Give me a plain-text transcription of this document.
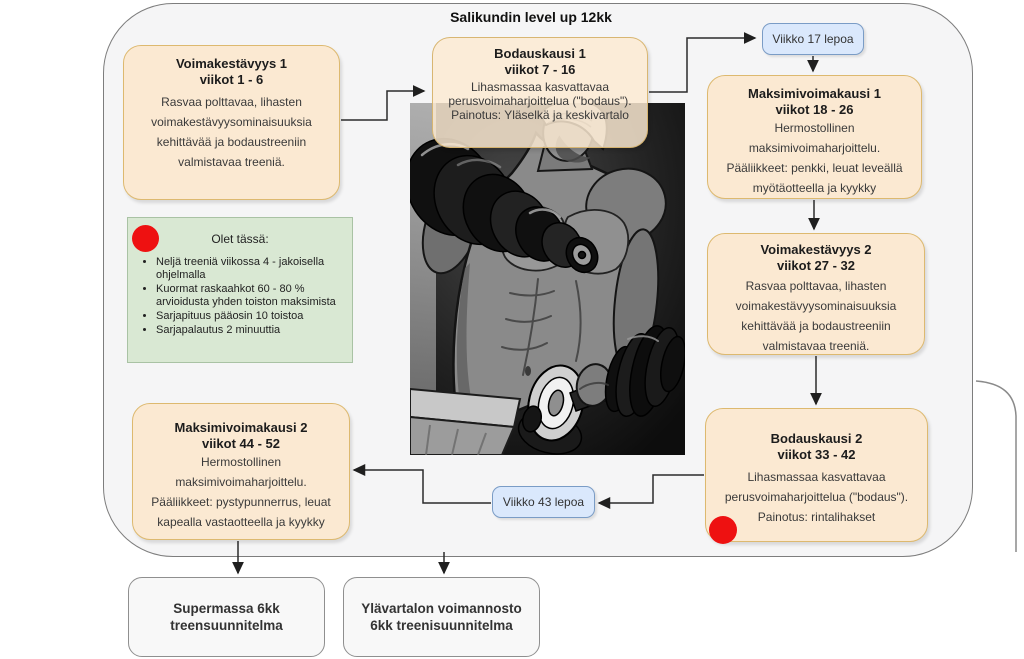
Salikundin level up 12kk
Voimakestävyys 1
viikot 1 - 6
Rasvaa polttavaa, lihasten
voimakestävyysominaisuuksia
kehittävää ja bodaustreeniin
valmistavaa treeniä.
Bodauskausi 1
viikot 7 - 16
Lihasmassaa kasvattavaa
perusvoimaharjoittelua ("bodaus").
Painotus: Yläselkä ja keskivartalo
Viikko 17 lepoa
Maksimivoimakausi 1
viikot 18 - 26
Hermostollinen
maksimivoimaharjoittelu.
Pääliikkeet: penkki, leuat leveällä
myötäotteella ja kyykky
Voimakestävyys 2
viikot 27 - 32
Rasvaa polttavaa, lihasten
voimakestävyysominaisuuksia
kehittävää ja bodaustreeniin
valmistavaa treeniä.
Bodauskausi 2
viikot 33 - 42
Lihasmassaa kasvattavaa
perusvoimaharjoittelua ("bodaus").
Painotus: rintalihakset
Viikko 43 lepoa
Maksimivoimakausi 2
viikot 44 - 52
Hermostollinen
maksimivoimaharjoittelu.
Pääliikkeet: pystypunnerrus, leuat
kapealla vastaotteella ja kyykky
Olet tässä:
• Neljä treeniä viikossa 4 - jakoisella ohjelmalla
• Kuormat raskaahkot 60 - 80 % arvioidusta yhden toiston maksimista
• Sarjapituus pääosin 10 toistoa
• Sarjapalautus 2 minuuttia
Supermassa 6kk
treensuunnitelma
Ylävartalon voimannosto
6kk treenisuunnitelma
